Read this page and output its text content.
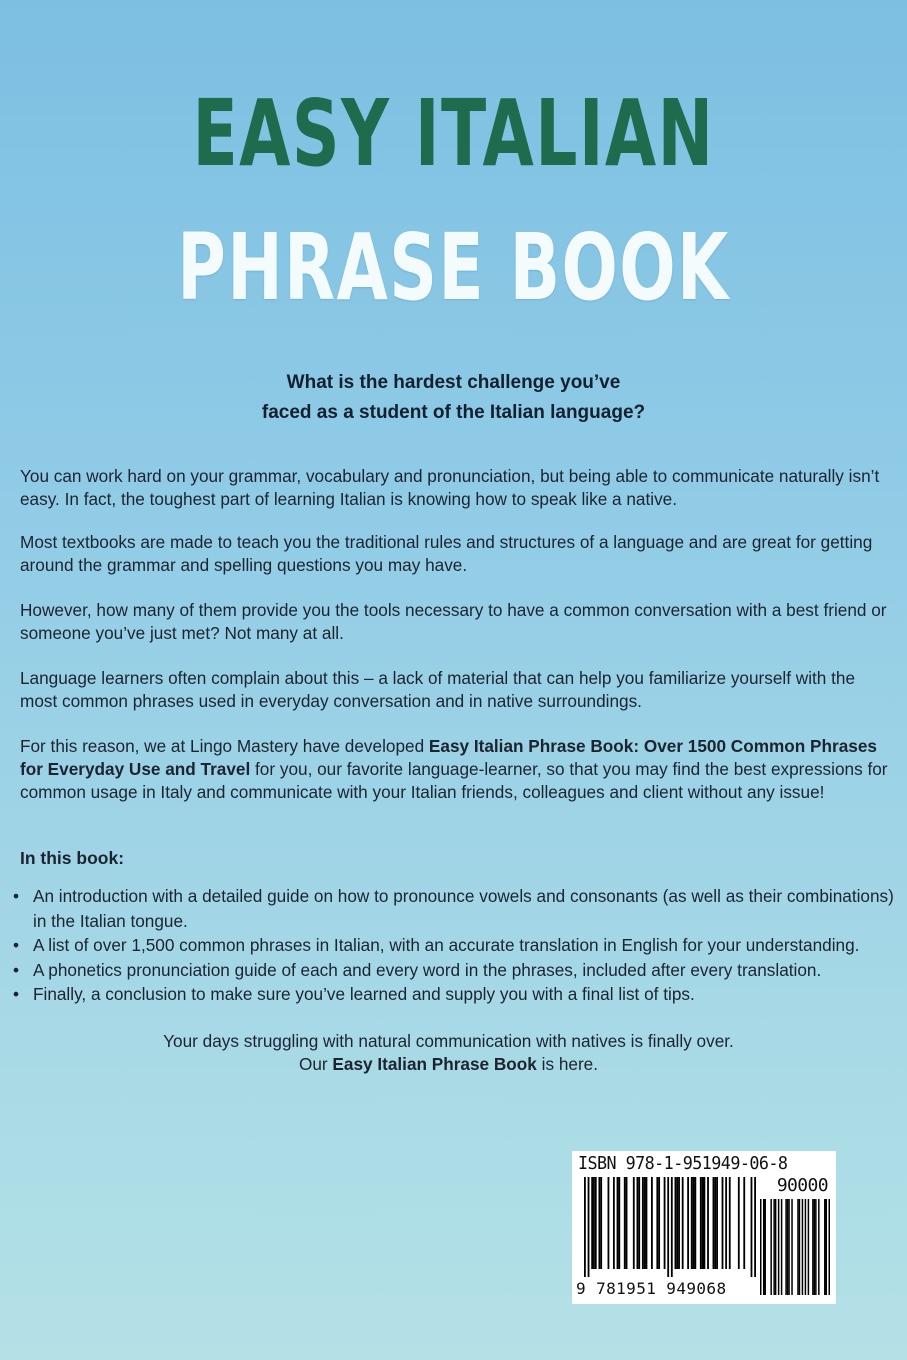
EASY ITALIAN
PHRASE BOOK
What is the hardest challenge you’ve
faced as a student of the Italian language?

You can work hard on your grammar, vocabulary and pronunciation, but being able to communicate naturally isn’t easy. In fact, the toughest part of learning Italian is knowing how to speak like a native.

Most textbooks are made to teach you the traditional rules and structures of a language and are great for getting around the grammar and spelling questions you may have.

However, how many of them provide you the tools necessary to have a common conversation with a best friend or someone you’ve just met? Not many at all.

Language learners often complain about this – a lack of material that can help you familiarize yourself with the most common phrases used in everyday conversation and in native surroundings.

For this reason, we at Lingo Mastery have developed Easy Italian Phrase Book: Over 1500 Common Phrases for Everyday Use and Travel for you, our favorite language-learner, so that you may find the best expressions for common usage in Italy and communicate with your Italian friends, colleagues and client without any issue!

In this book:
• An introduction with a detailed guide on how to pronounce vowels and consonants (as well as their combinations) in the Italian tongue.
• A list of over 1,500 common phrases in Italian, with an accurate translation in English for your understanding.
• A phonetics pronunciation guide of each and every word in the phrases, included after every translation.
• Finally, a conclusion to make sure you’ve learned and supply you with a final list of tips.
Your days struggling with natural communication with natives is finally over.
Our Easy Italian Phrase Book is here.
ISBN 978-1-951949-06-8
90000
9 781951 949068
